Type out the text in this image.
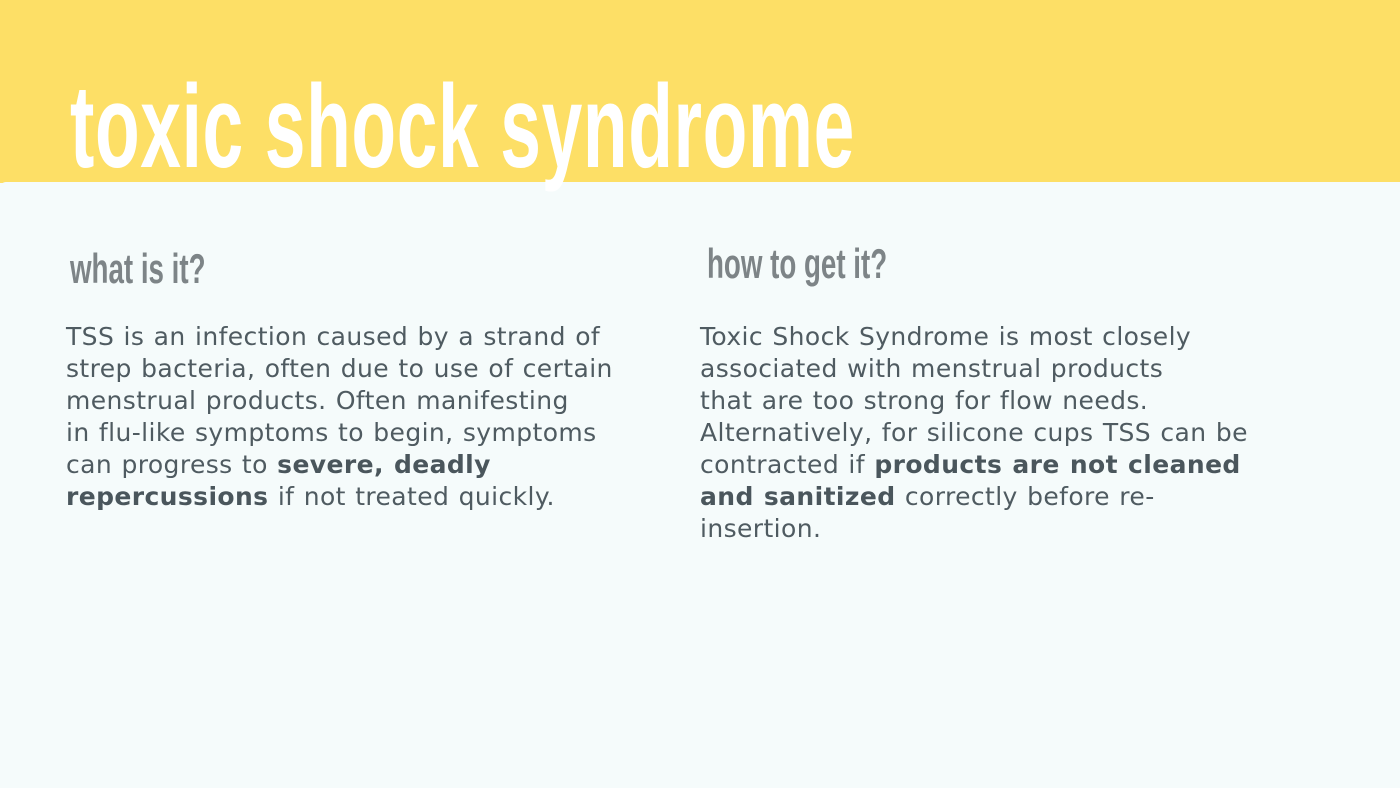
toxic shock syndrome
what is it?	how to get it?
TSS is an infection caused by a strand of
strep bacteria, often due to use of certain
menstrual products. Often manifesting
in flu-like symptoms to begin, symptoms
can progress to severe, deadly
repercussions if not treated quickly.
Toxic Shock Syndrome is most closely
associated with menstrual products
that are too strong for flow needs.
Alternatively, for silicone cups TSS can be
contracted if products are not cleaned
and sanitized correctly before re-
insertion.
